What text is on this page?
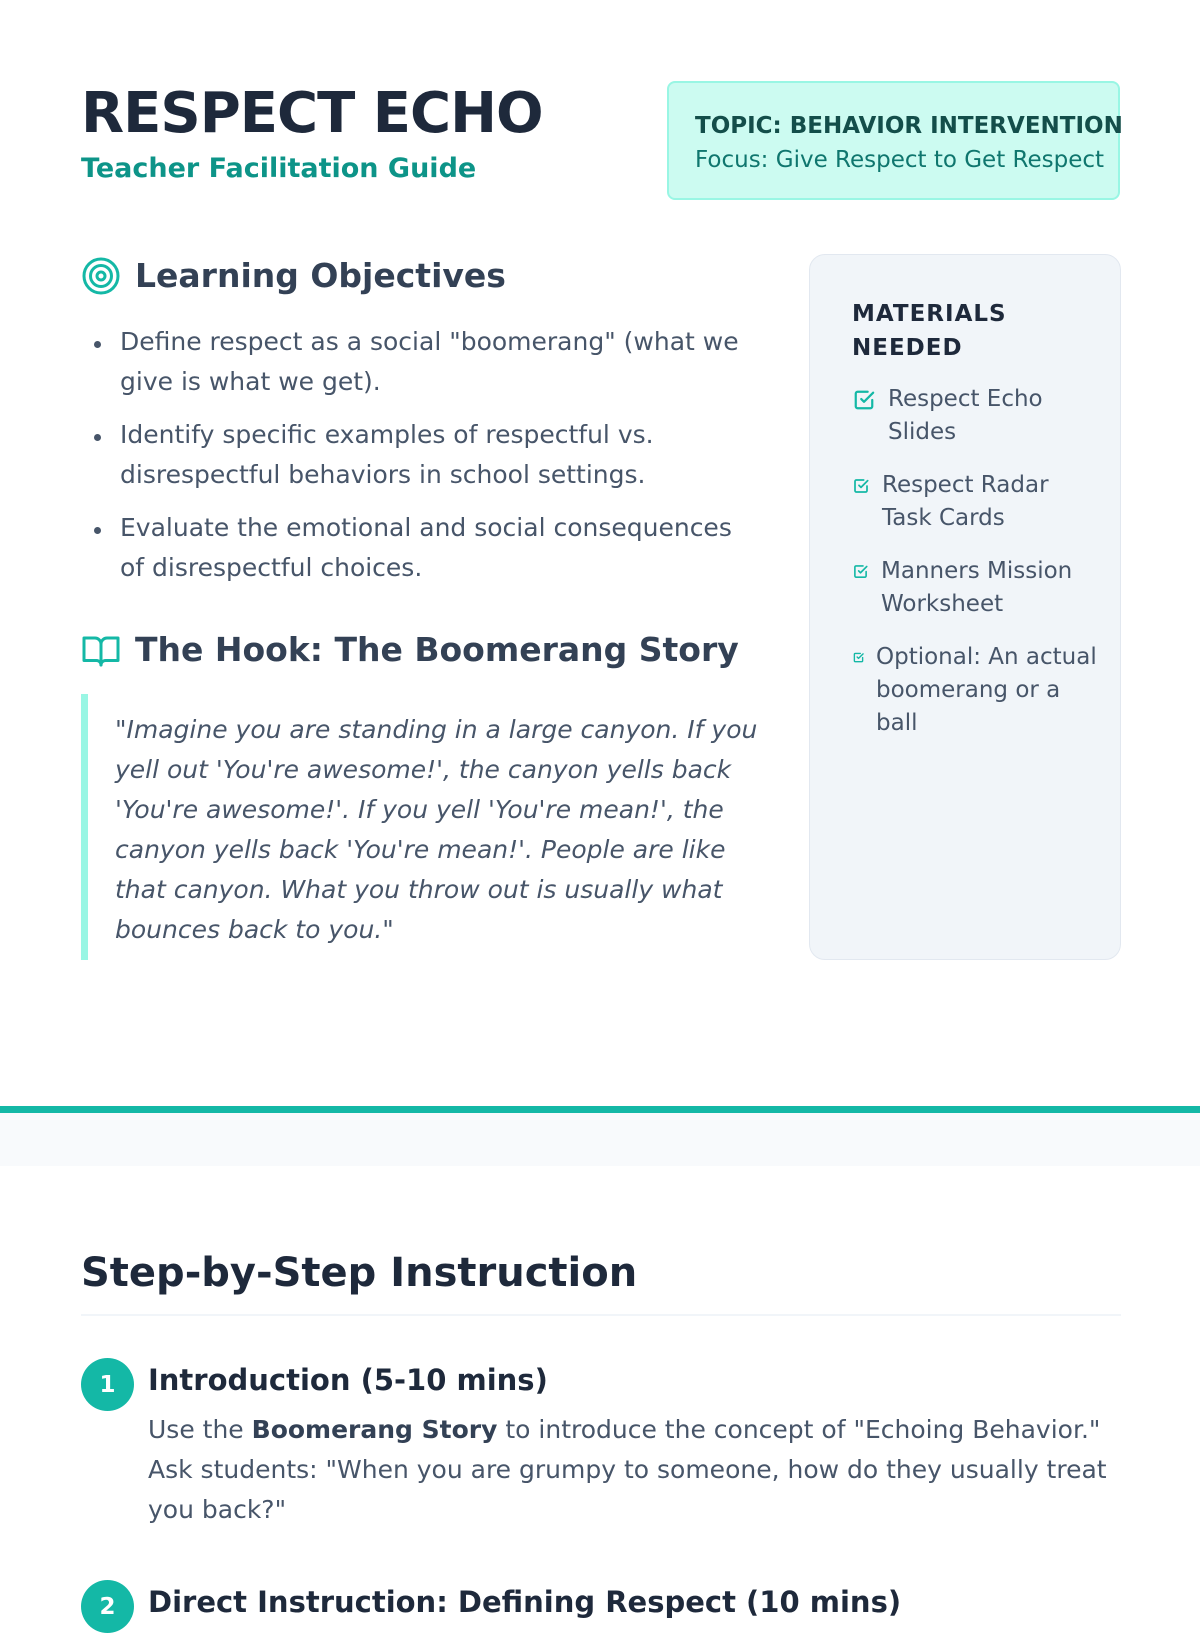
RESPECT ECHO
Teacher Facilitation Guide
TOPIC: BEHAVIOR INTERVENTION
Focus: Give Respect to Get Respect
Learning Objectives
Define respect as a social "boomerang" (what we give is what we get).
Identify specific examples of respectful vs. disrespectful behaviors in school settings.
Evaluate the emotional and social consequences of disrespectful choices.
The Hook: The Boomerang Story
"Imagine you are standing in a large canyon. If you yell out 'You're awesome!', the canyon yells back 'You're awesome!'. If you yell 'You're mean!', the canyon yells back 'You're mean!'. People are like that canyon. What you throw out is usually what bounces back to you."
MATERIALS NEEDED
Respect Echo Slides
Respect Radar Task Cards
Manners Mission Worksheet
Optional: An actual boomerang or a ball
Step-by-Step Instruction
1	Introduction (5-10 mins)

Use the Boomerang Story to introduce the concept of "Echoing Behavior." Ask students: "When you are grumpy to someone, how do they usually treat you back?"

2	Direct Instruction: Defining Respect (10 mins)
